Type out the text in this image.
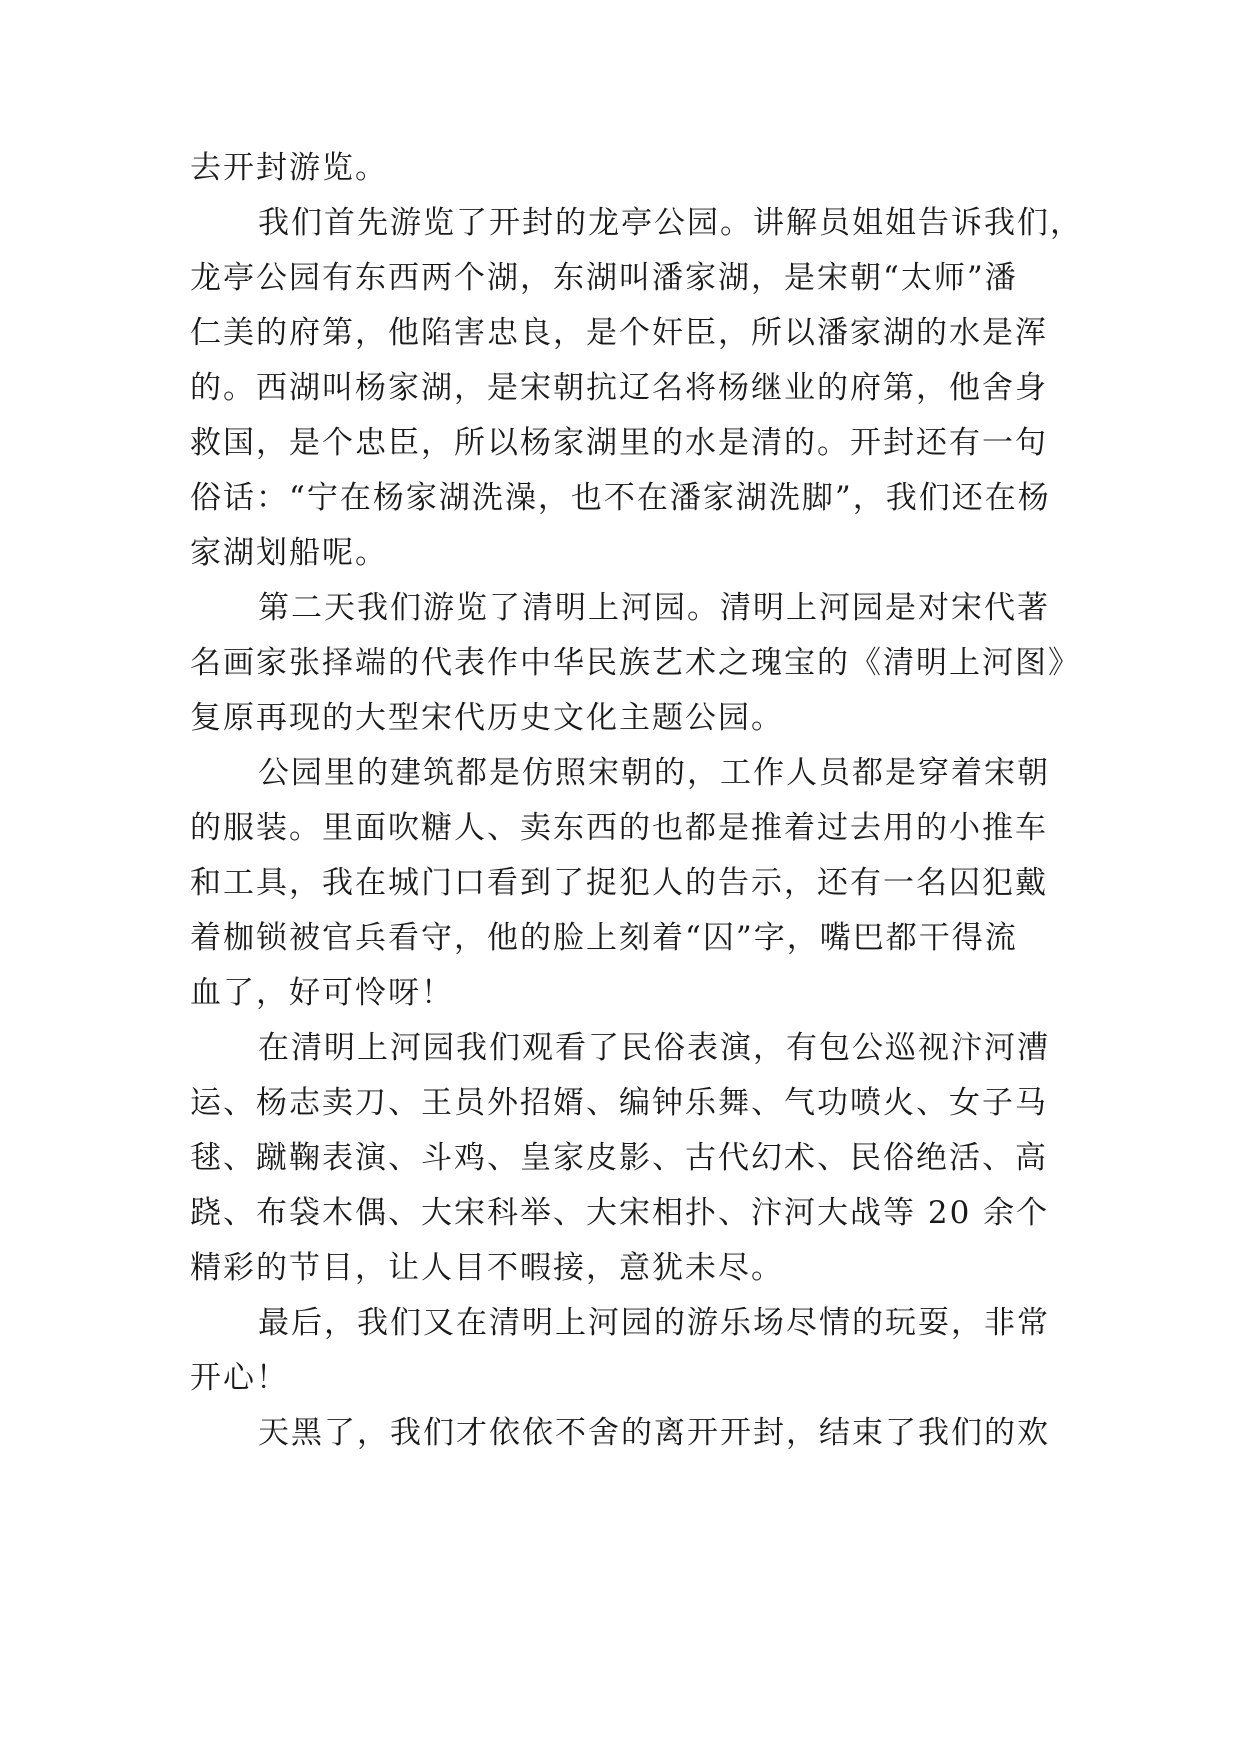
去开封游览。
我们首先游览了开封的龙亭公园。讲解员姐姐告诉我们，
龙亭公园有东西两个湖，东湖叫潘家湖，是宋朝“太师”潘
仁美的府第，他陷害忠良，是个奸臣，所以潘家湖的水是浑
的。西湖叫杨家湖，是宋朝抗辽名将杨继业的府第，他舍身
救国，是个忠臣，所以杨家湖里的水是清的。开封还有一句
俗话：“宁在杨家湖洗澡，也不在潘家湖洗脚”，我们还在杨
家湖划船呢。
第二天我们游览了清明上河园。清明上河园是对宋代著
名画家张择端的代表作中华民族艺术之瑰宝的《清明上河图》
复原再现的大型宋代历史文化主题公园。
公园里的建筑都是仿照宋朝的，工作人员都是穿着宋朝
的服装。里面吹糖人、卖东西的也都是推着过去用的小推车
和工具，我在城门口看到了捉犯人的告示，还有一名囚犯戴
着枷锁被官兵看守，他的脸上刻着“囚”字，嘴巴都干得流
血了，好可怜呀！
在清明上河园我们观看了民俗表演，有包公巡视汴河漕
运、杨志卖刀、王员外招婿、编钟乐舞、气功喷火、女子马
毬、蹴鞠表演、斗鸡、皇家皮影、古代幻术、民俗绝活、高
跷、布袋木偶、大宋科举、大宋相扑、汴河大战等 20 余个
精彩的节目，让人目不暇接，意犹未尽。
最后，我们又在清明上河园的游乐场尽情的玩耍，非常
开心！
天黑了，我们才依依不舍的离开开封，结束了我们的欢
